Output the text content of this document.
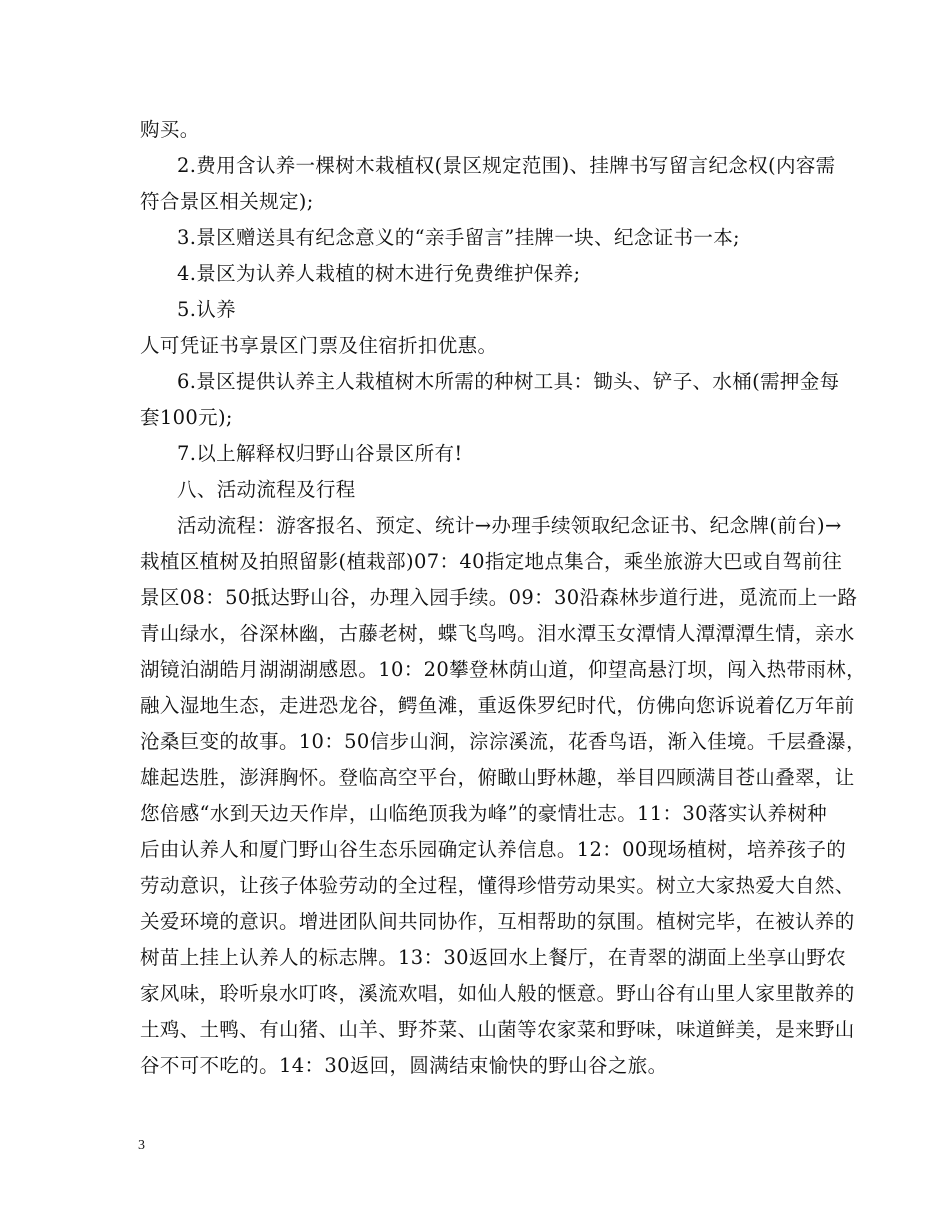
购买。
2.费用含认养一棵树木栽植权(景区规定范围)、挂牌书写留言纪念权(内容需
符合景区相关规定);
3.景区赠送具有纪念意义的“亲手留言”挂牌一块、纪念证书一本;
4.景区为认养人栽植的树木进行免费维护保养;
5.认养
人可凭证书享景区门票及住宿折扣优惠。
6.景区提供认养主人栽植树木所需的种树工具：锄头、铲子、水桶(需押金每
套100元);
7.以上解释权归野山谷景区所有!
八、活动流程及行程
活动流程：游客报名、预定、统计→办理手续领取纪念证书、纪念牌(前台)→
栽植区植树及拍照留影(植栽部)07：40指定地点集合，乘坐旅游大巴或自驾前往
景区08：50抵达野山谷，办理入园手续。09：30沿森林步道行进，觅流而上一路
青山绿水，谷深林幽，古藤老树，蝶飞鸟鸣。泪水潭玉女潭情人潭潭潭生情，亲水
湖镜泊湖皓月湖湖湖感恩。10：20攀登林荫山道，仰望高悬汀坝，闯入热带雨林，
融入湿地生态，走进恐龙谷，鳄鱼滩，重返侏罗纪时代，仿佛向您诉说着亿万年前
沧桑巨变的故事。10：50信步山涧，淙淙溪流，花香鸟语，渐入佳境。千层叠瀑，
雄起迭胜，澎湃胸怀。登临高空平台，俯瞰山野林趣，举目四顾满目苍山叠翠，让
您倍感“水到天边天作岸，山临绝顶我为峰”的豪情壮志。11：30落实认养树种
后由认养人和厦门野山谷生态乐园确定认养信息。12：00现场植树，培养孩子的
劳动意识，让孩子体验劳动的全过程，懂得珍惜劳动果实。树立大家热爱大自然、
关爱环境的意识。增进团队间共同协作，互相帮助的氛围。植树完毕，在被认养的
树苗上挂上认养人的标志牌。13：30返回水上餐厅，在青翠的湖面上坐享山野农
家风味，聆听泉水叮咚，溪流欢唱，如仙人般的惬意。野山谷有山里人家里散养的
土鸡、土鸭、有山猪、山羊、野芥菜、山菌等农家菜和野味，味道鲜美，是来野山
谷不可不吃的。14：30返回，圆满结束愉快的野山谷之旅。
3
